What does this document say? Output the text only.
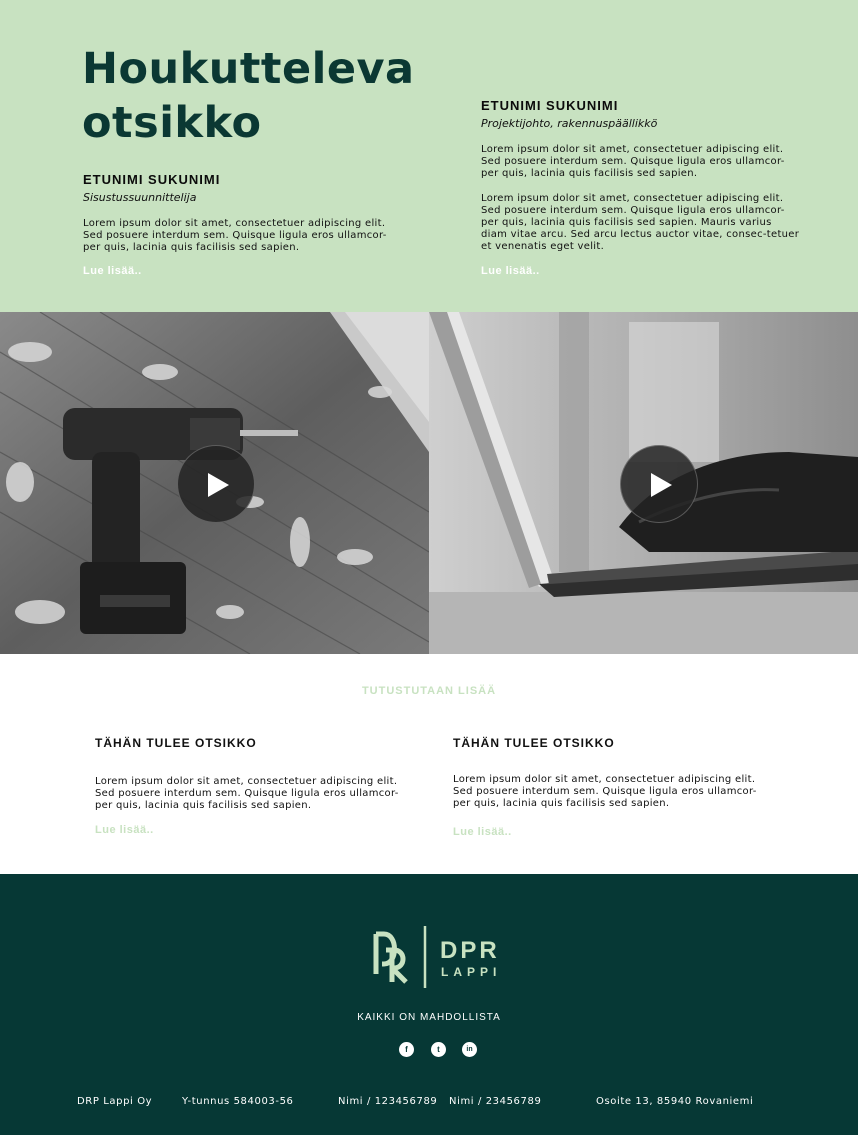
Houkutteleva
otsikko
ETUNIMI SUKUNIMI
Sisustussuunnittelija

Lorem ipsum dolor sit amet, consectetuer adipiscing elit. Sed posuere interdum sem. Quisque ligula eros ullamcor-per quis, lacinia quis facilisis sed sapien.

Lue lisää..
ETUNIMI SUKUNIMI
Projektijohto, rakennuspäällikkö

Lorem ipsum dolor sit amet, consectetuer adipiscing elit. Sed posuere interdum sem. Quisque ligula eros ullamcor-per quis, lacinia quis facilisis sed sapien.

Lorem ipsum dolor sit amet, consectetuer adipiscing elit. Sed posuere interdum sem. Quisque ligula eros ullamcor-per quis, lacinia quis facilisis sed sapien. Mauris varius diam vitae arcu. Sed arcu lectus auctor vitae, consec-tetuer et venenatis eget velit.

Lue lisää..
TUTUSTUTAAN LISÄÄ
TÄHÄN TULEE OTSIKKO

Lorem ipsum dolor sit amet, consectetuer adipiscing elit. Sed posuere interdum sem. Quisque ligula eros ullamcor-per quis, lacinia quis facilisis sed sapien.

Lue lisää..
TÄHÄN TULEE OTSIKKO

Lorem ipsum dolor sit amet, consectetuer adipiscing elit. Sed posuere interdum sem. Quisque ligula eros ullamcor-per quis, lacinia quis facilisis sed sapien.

Lue lisää..
DPR
LAPPI
KAIKKI ON MAHDOLLISTA
f	t	in
DRP Lappi Oy	Y-tunnus 584003-56	Nimi / 123456789 Nimi / 23456789	Osoite 13, 85940 Rovaniemi
